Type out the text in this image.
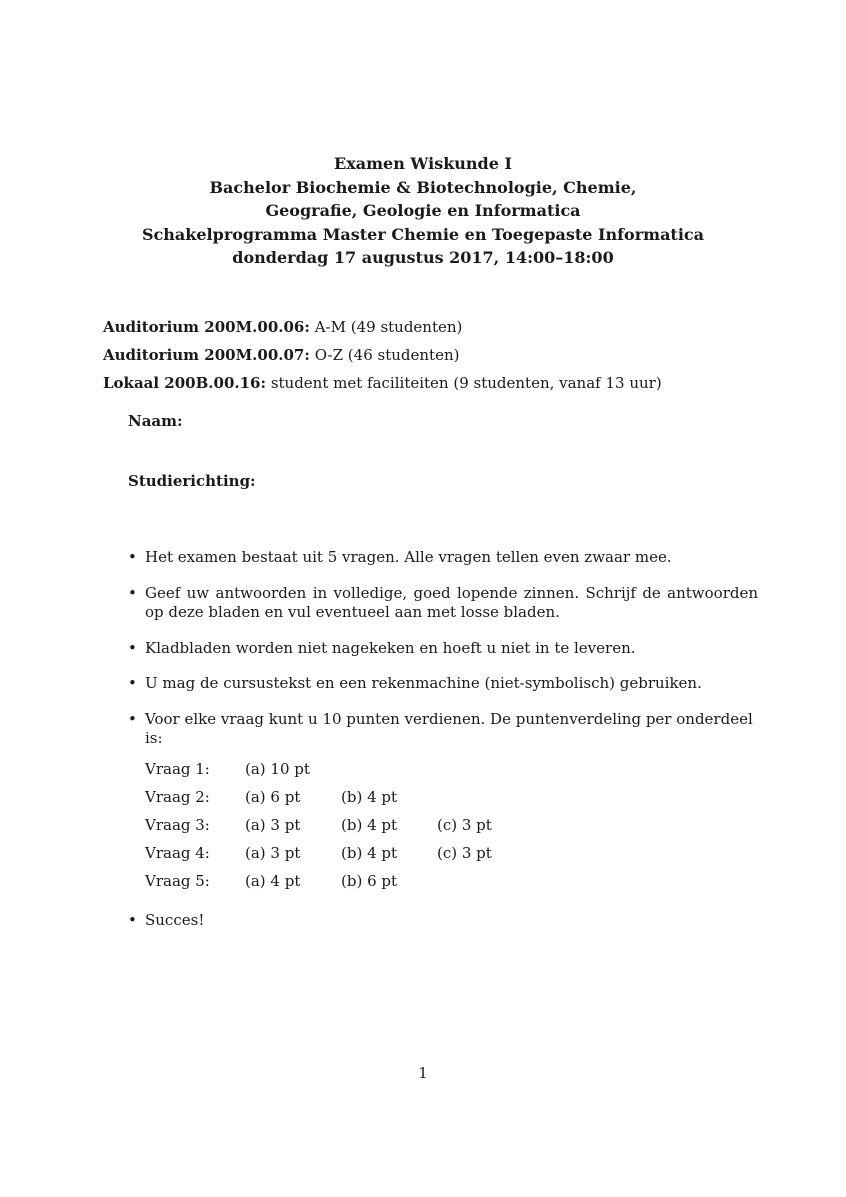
Examen Wiskunde I
Bachelor Biochemie & Biotechnologie, Chemie,
Geografie, Geologie en Informatica
Schakelprogramma Master Chemie en Toegepaste Informatica
donderdag 17 augustus 2017, 14:00–18:00
Auditorium 200M.00.06: A-M (49 studenten)
Auditorium 200M.00.07: O-Z (46 studenten)
Lokaal 200B.00.16: student met faciliteiten (9 studenten, vanaf 13 uur)
Naam:
Studierichting:
• Het examen bestaat uit 5 vragen. Alle vragen tellen even zwaar mee.
• Geef uw antwoorden in volledige, goed lopende zinnen. Schrijf de antwoorden op deze bladen en vul eventueel aan met losse bladen.
• Kladbladen worden niet nagekeken en hoeft u niet in te leveren.
• U mag de cursustekst en een rekenmachine (niet-symbolisch) gebruiken.
• Voor elke vraag kunt u 10 punten verdienen. De puntenverdeling per onderdeel is:
Vraag 1:	(a) 10 pt
Vraag 2:	(a) 6 pt	(b) 4 pt
Vraag 3:	(a) 3 pt	(b) 4 pt	(c) 3 pt
Vraag 4:	(a) 3 pt	(b) 4 pt	(c) 3 pt
Vraag 5:	(a) 4 pt	(b) 6 pt
• Succes!
1
